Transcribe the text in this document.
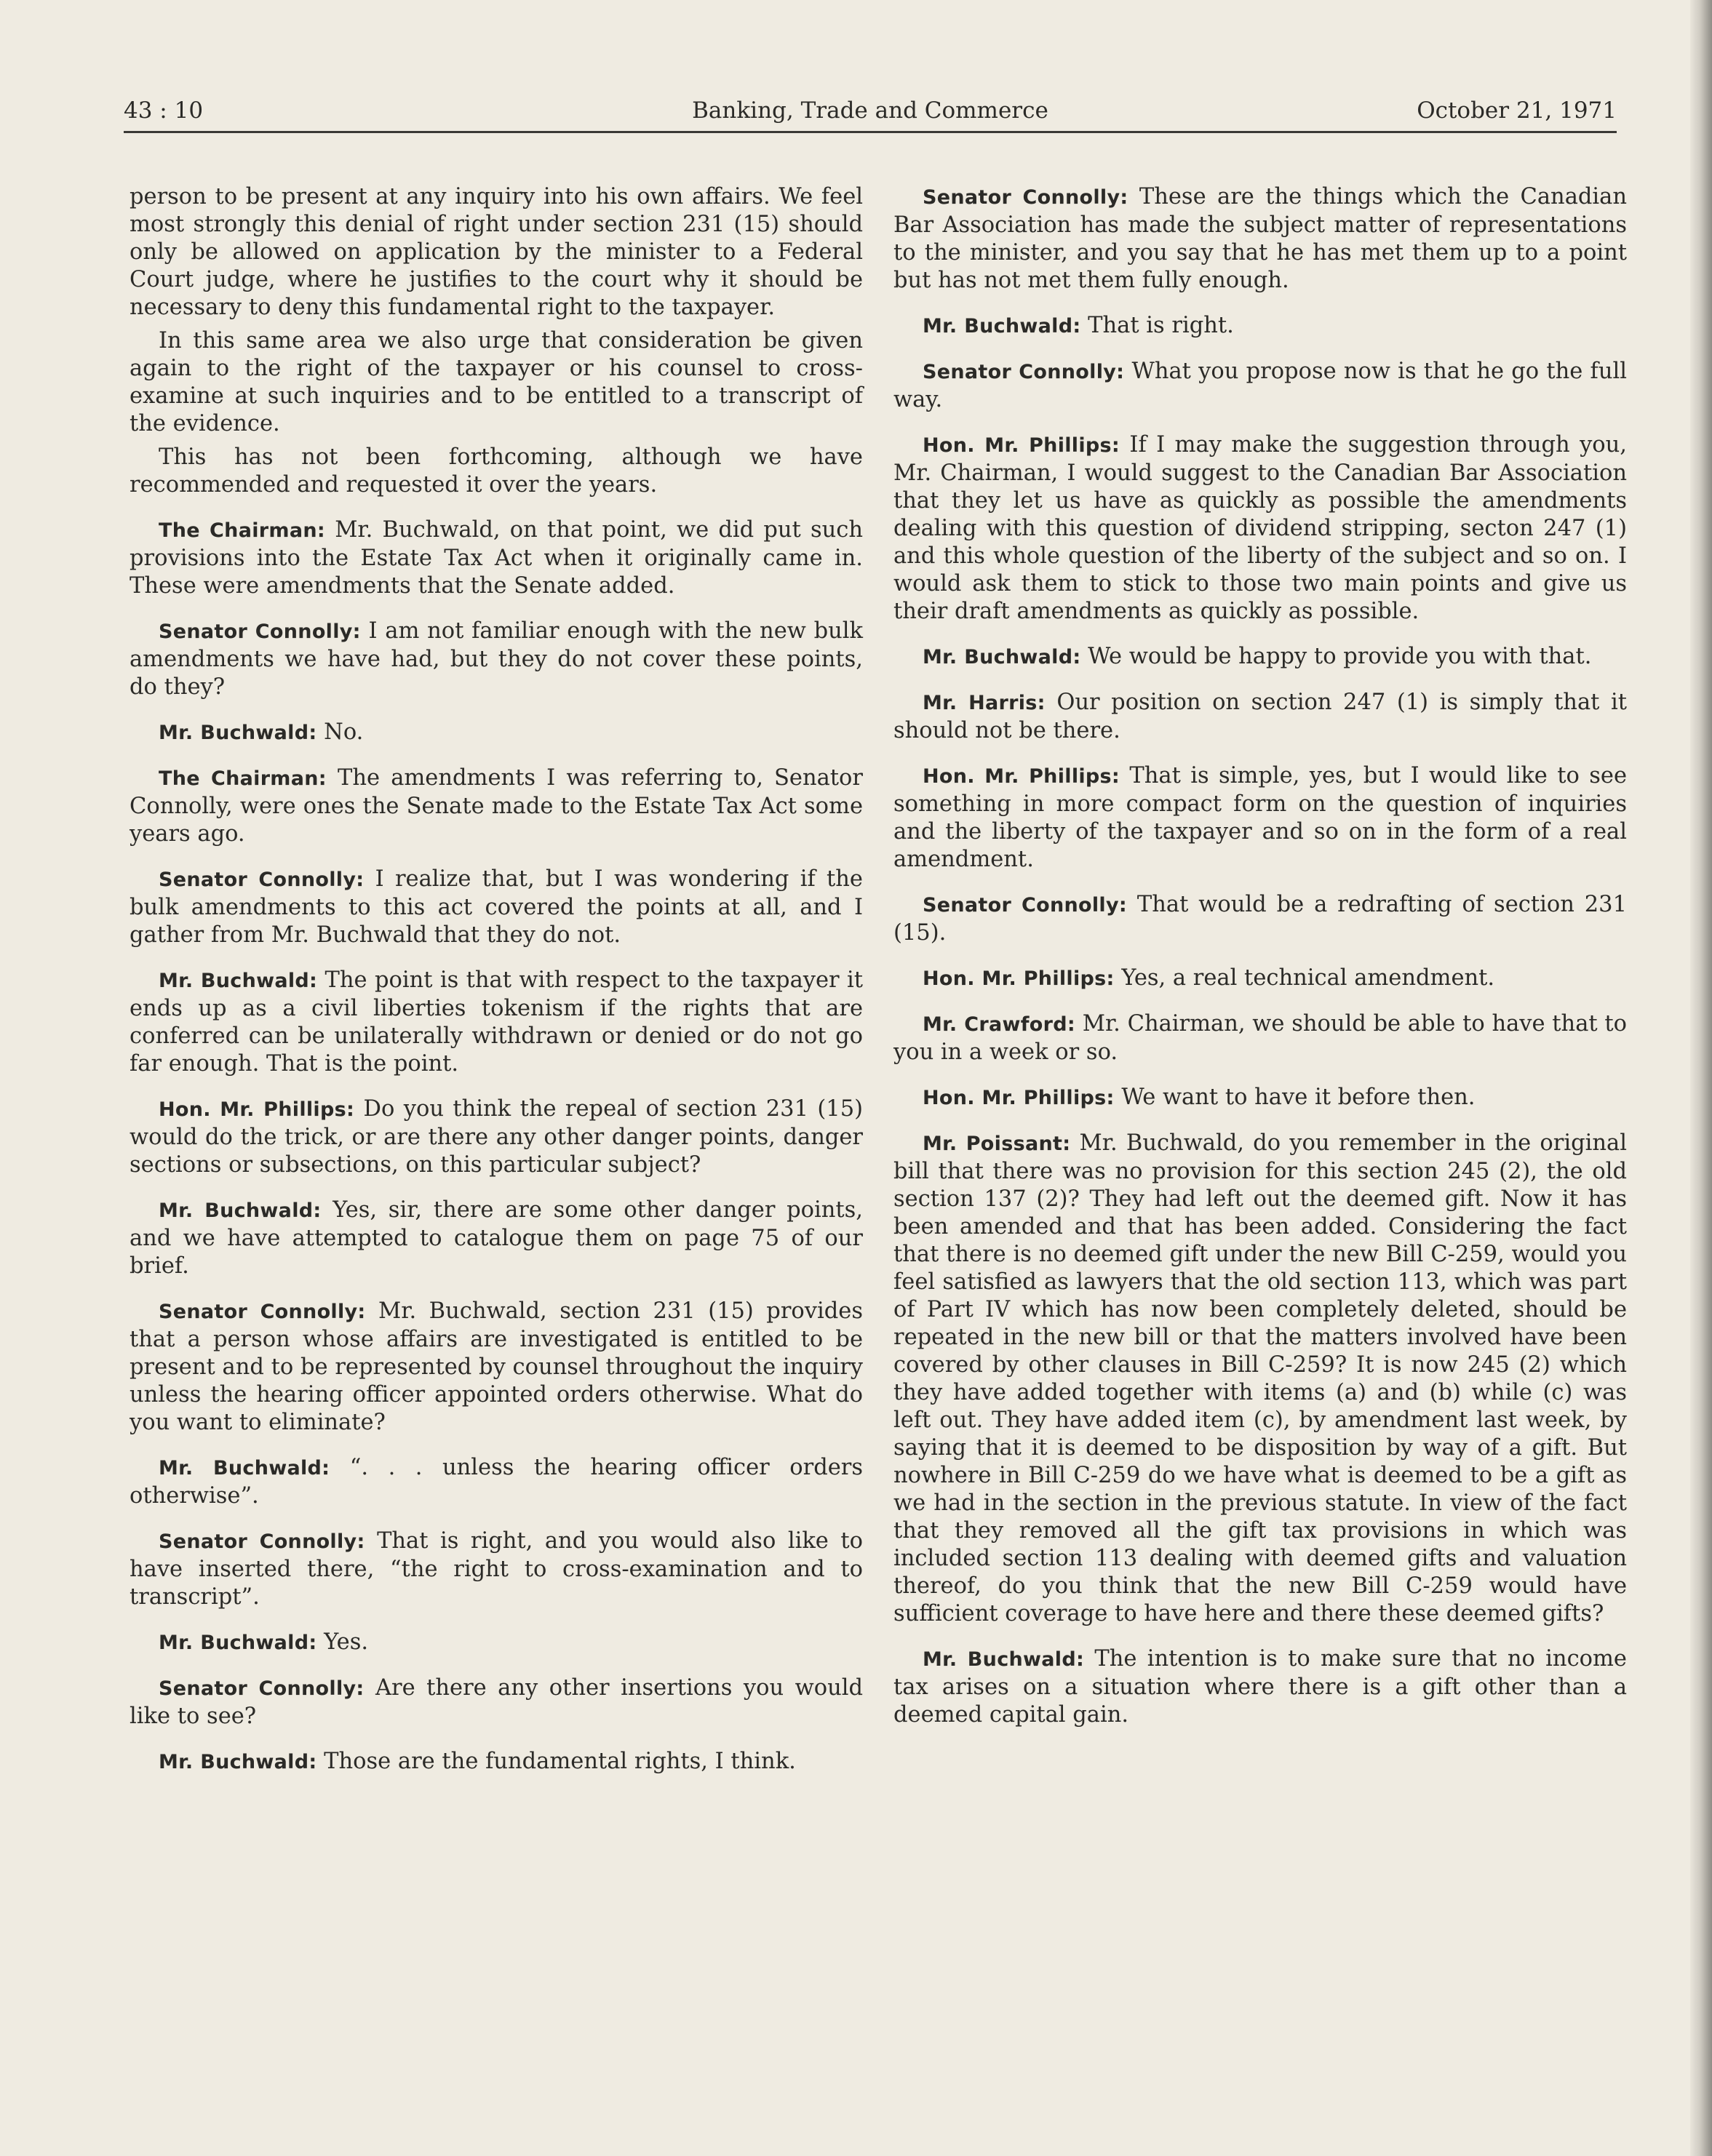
43 : 10	Banking, Trade and Commerce	October 21, 1971

person to be present at any inquiry into his own affairs. We feel most strongly this denial of right under section 231 (15) should only be allowed on application by the minister to a Federal Court judge, where he justifies to the court why it should be necessary to deny this fundamental right to the taxpayer.

In this same area we also urge that consideration be given again to the right of the taxpayer or his counsel to cross-examine at such inquiries and to be entitled to a transcript of the evidence.

This has not been forthcoming, although we have recommended and requested it over the years.

The Chairman: Mr. Buchwald, on that point, we did put such provisions into the Estate Tax Act when it originally came in. These were amendments that the Senate added.

Senator Connolly: I am not familiar enough with the new bulk amendments we have had, but they do not cover these points, do they?

Mr. Buchwald: No.

The Chairman: The amendments I was referring to, Senator Connolly, were ones the Senate made to the Estate Tax Act some years ago.

Senator Connolly: I realize that, but I was wondering if the bulk amendments to this act covered the points at all, and I gather from Mr. Buchwald that they do not.

Mr. Buchwald: The point is that with respect to the taxpayer it ends up as a civil liberties tokenism if the rights that are conferred can be unilaterally withdrawn or denied or do not go far enough. That is the point.

Hon. Mr. Phillips: Do you think the repeal of section 231 (15) would do the trick, or are there any other danger points, danger sections or subsections, on this particular subject?

Mr. Buchwald: Yes, sir, there are some other danger points, and we have attempted to catalogue them on page 75 of our brief.

Senator Connolly: Mr. Buchwald, section 231 (15) provides that a person whose affairs are investigated is entitled to be present and to be represented by counsel throughout the inquiry unless the hearing officer appointed orders otherwise. What do you want to eliminate?

Mr. Buchwald: “. . . unless the hearing officer orders otherwise”.

Senator Connolly: That is right, and you would also like to have inserted there, “the right to cross-examination and to transcript”.

Mr. Buchwald: Yes.

Senator Connolly: Are there any other insertions you would like to see?

Mr. Buchwald: Those are the fundamental rights, I think.

Senator Connolly: These are the things which the Canadian Bar Association has made the subject matter of representations to the minister, and you say that he has met them up to a point but has not met them fully enough.

Mr. Buchwald: That is right.

Senator Connolly: What you propose now is that he go the full way.

Hon. Mr. Phillips: If I may make the suggestion through you, Mr. Chairman, I would suggest to the Canadian Bar Association that they let us have as quickly as possible the amendments dealing with this question of dividend stripping, secton 247 (1) and this whole question of the liberty of the subject and so on. I would ask them to stick to those two main points and give us their draft amendments as quickly as possible.

Mr. Buchwald: We would be happy to provide you with that.

Mr. Harris: Our position on section 247 (1) is simply that it should not be there.

Hon. Mr. Phillips: That is simple, yes, but I would like to see something in more compact form on the question of inquiries and the liberty of the taxpayer and so on in the form of a real amendment.

Senator Connolly: That would be a redrafting of section 231 (15).

Hon. Mr. Phillips: Yes, a real technical amendment.

Mr. Crawford: Mr. Chairman, we should be able to have that to you in a week or so.

Hon. Mr. Phillips: We want to have it before then.

Mr. Poissant: Mr. Buchwald, do you remember in the original bill that there was no provision for this section 245 (2), the old section 137 (2)? They had left out the deemed gift. Now it has been amended and that has been added. Considering the fact that there is no deemed gift under the new Bill C-259, would you feel satisfied as lawyers that the old section 113, which was part of Part IV which has now been completely deleted, should be repeated in the new bill or that the matters involved have been covered by other clauses in Bill C-259? It is now 245 (2) which they have added together with items (a) and (b) while (c) was left out. They have added item (c), by amendment last week, by saying that it is deemed to be disposition by way of a gift. But nowhere in Bill C-259 do we have what is deemed to be a gift as we had in the section in the previous statute. In view of the fact that they removed all the gift tax provisions in which was included section 113 dealing with deemed gifts and valuation thereof, do you think that the new Bill C-259 would have sufficient coverage to have here and there these deemed gifts?

Mr. Buchwald: The intention is to make sure that no income tax arises on a situation where there is a gift other than a deemed capital gain.
